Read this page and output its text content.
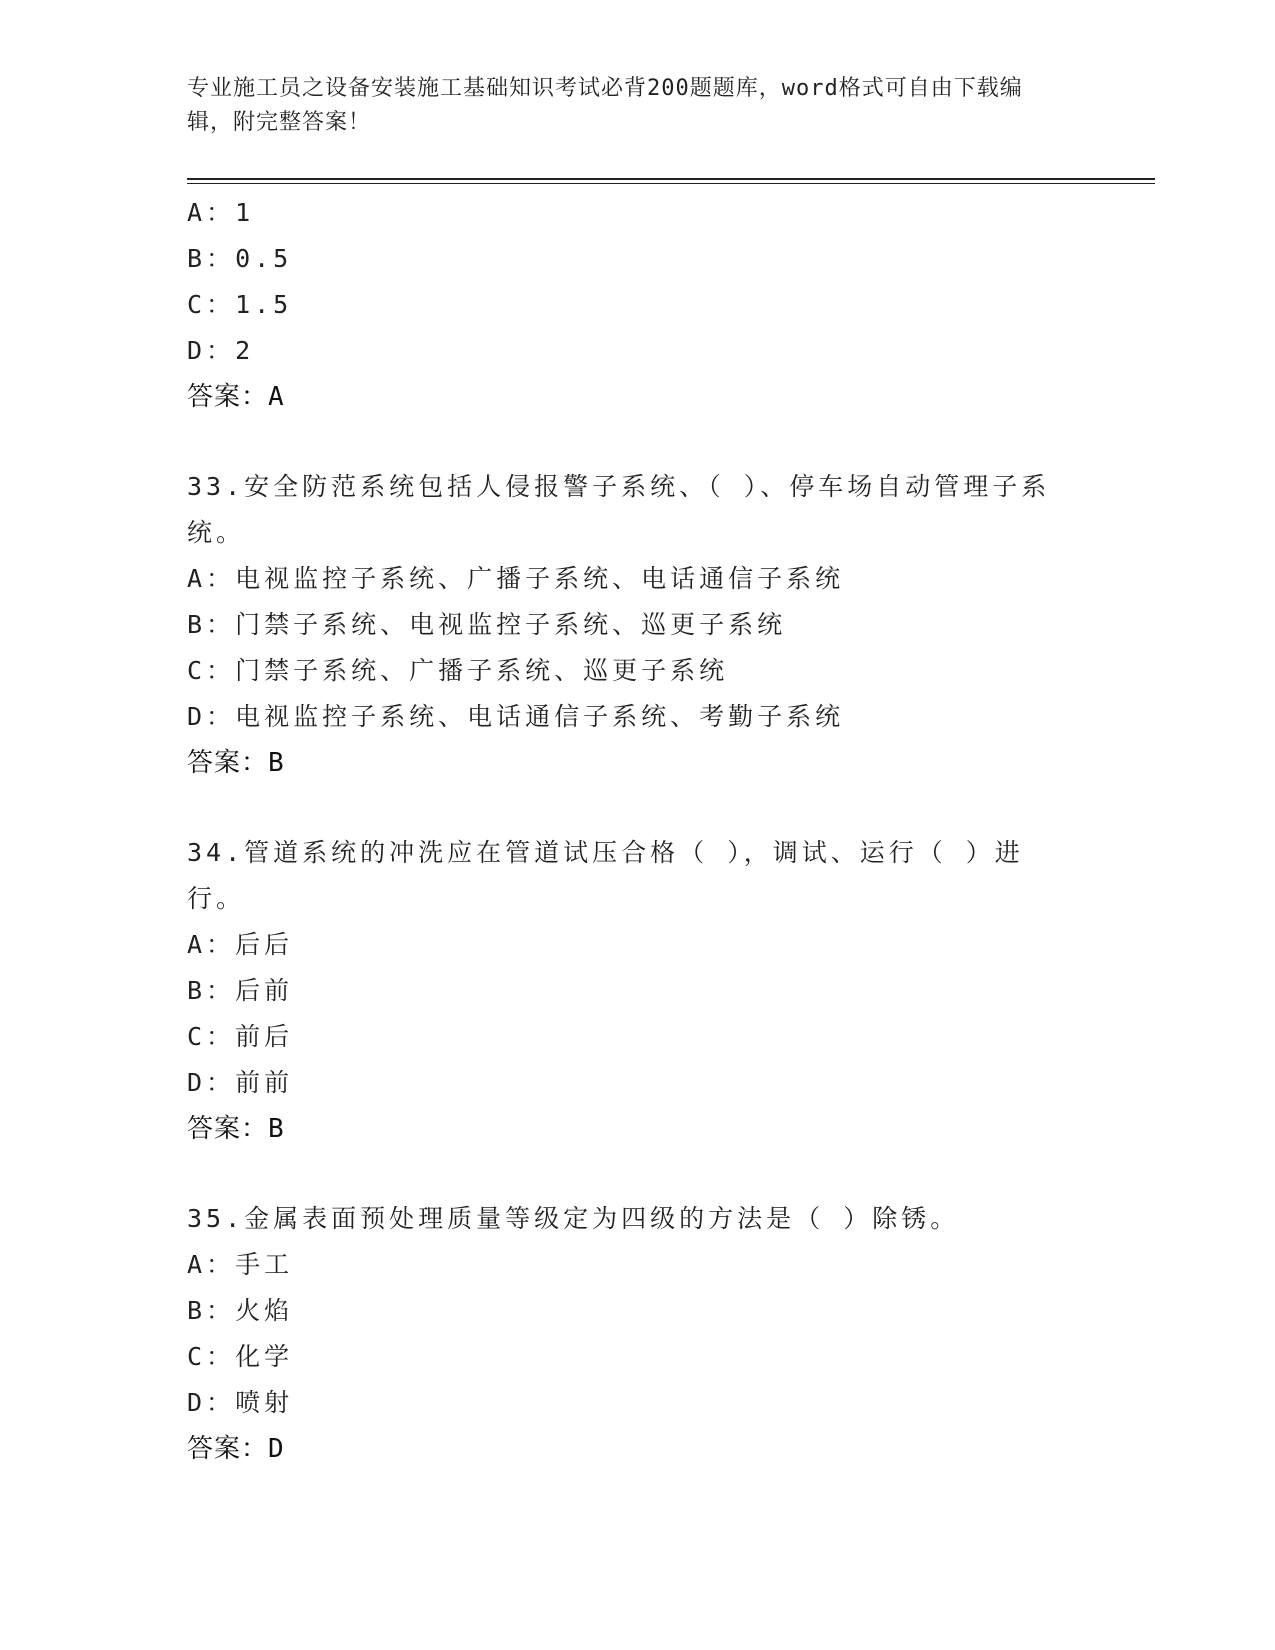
专业施工员之设备安装施工基础知识考试必背200题题库，word格式可自由下载编辑，附完整答案！
A：1
B：0.5
C：1.5
D：2
答案：A
33.安全防范系统包括人侵报警子系统、（ ）、停车场自动管理子系统。
A：电视监控子系统、广播子系统、电话通信子系统
B：门禁子系统、电视监控子系统、巡更子系统
C：门禁子系统、广播子系统、巡更子系统
D：电视监控子系统、电话通信子系统、考勤子系统
答案：B
34.管道系统的冲洗应在管道试压合格（ ），调试、运行（ ）进行。
A：后后
B：后前
C：前后
D：前前
答案：B
35.金属表面预处理质量等级定为四级的方法是（ ）除锈。
A：手工
B：火焰
C：化学
D：喷射
答案：D
